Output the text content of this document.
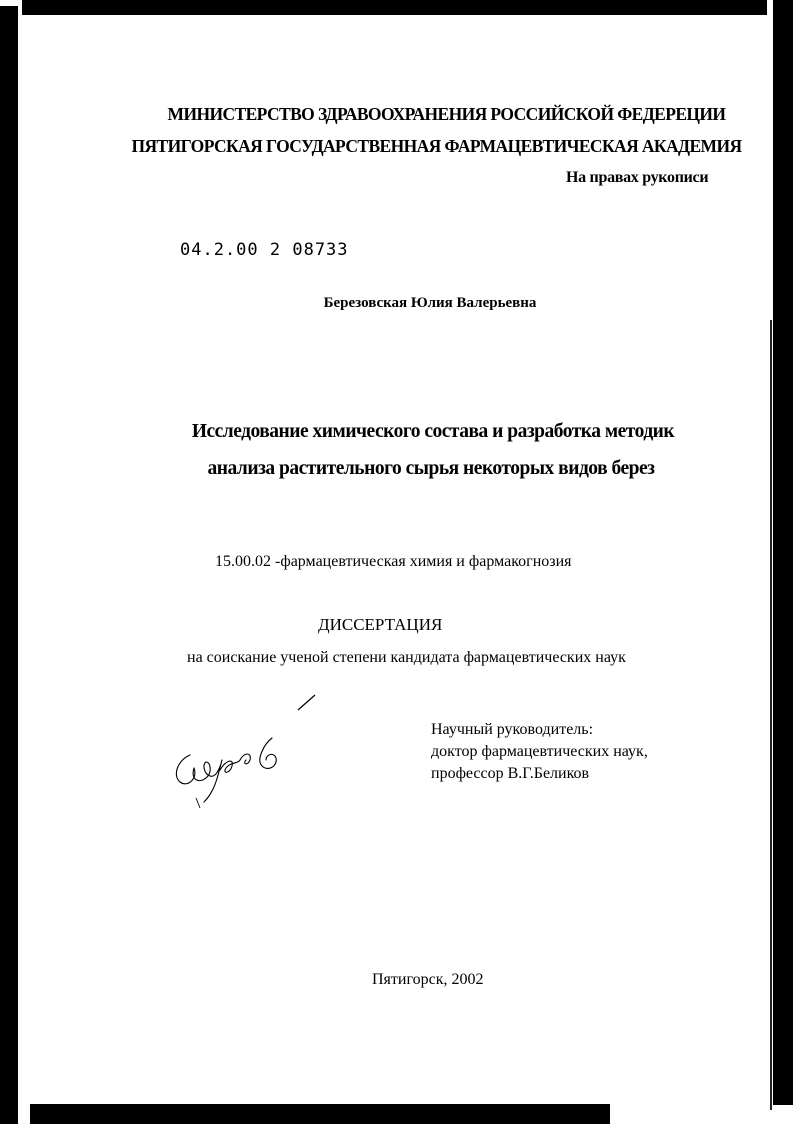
МИНИСТЕРСТВО ЗДРАВООХРАНЕНИЯ РОССИЙСКОЙ ФЕДЕРЕЦИИ
ПЯТИГОРСКАЯ ГОСУДАРСТВЕННАЯ ФАРМАЦЕВТИЧЕСКАЯ АКАДЕМИЯ
На правах рукописи
04.2.00 2 08733
Березовская Юлия Валерьевна
Исследование химического состава и разработка методик
анализа растительного сырья некоторых видов берез
15.00.02 -фармацевтическая химия и фармакогнозия
ДИССЕРТАЦИЯ
на соискание ученой степени кандидата фармацевтических наук
Научный руководитель:
доктор фармацевтических наук,
профессор В.Г.Беликов
Пятигорск, 2002
